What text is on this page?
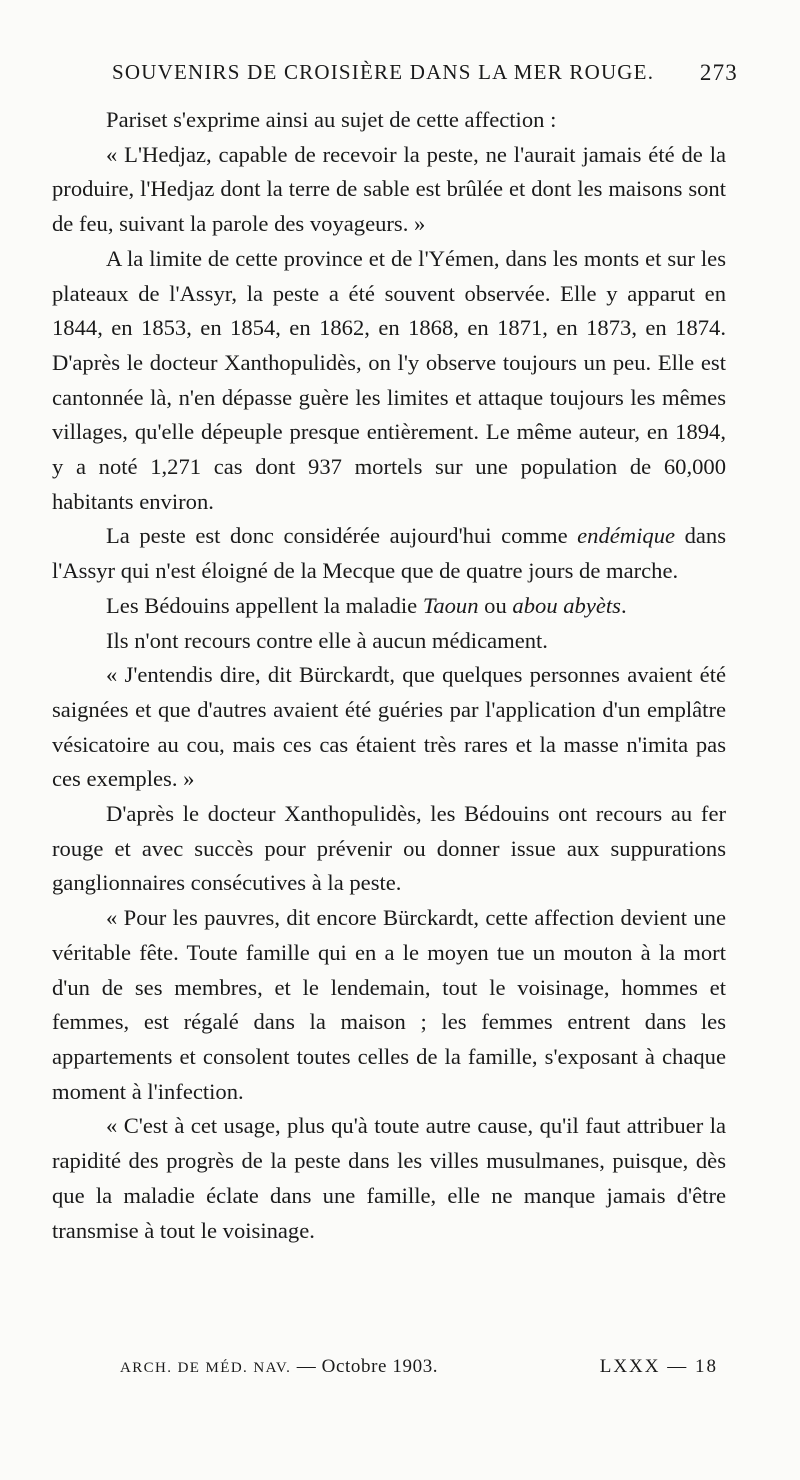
SOUVENIRS DE CROISIÈRE DANS LA MER ROUGE. 273

Pariset s'exprime ainsi au sujet de cette affection :

« L'Hedjaz, capable de recevoir la peste, ne l'aurait jamais été de la produire, l'Hedjaz dont la terre de sable est brûlée et dont les maisons sont de feu, suivant la parole des voyageurs. »

A la limite de cette province et de l'Yémen, dans les monts et sur les plateaux de l'Assyr, la peste a été souvent observée. Elle y apparut en 1844, en 1853, en 1854, en 1862, en 1868, en 1871, en 1873, en 1874. D'après le docteur Xanthopulidès, on l'y observe toujours un peu. Elle est cantonnée là, n'en dépasse guère les limites et attaque toujours les mêmes villages, qu'elle dépeuple presque entièrement. Le même auteur, en 1894, y a noté 1,271 cas dont 937 mortels sur une population de 60,000 habitants environ.

La peste est donc considérée aujourd'hui comme endémique dans l'Assyr qui n'est éloigné de la Mecque que de quatre jours de marche.

Les Bédouins appellent la maladie Taoun ou abou abyèts.

Ils n'ont recours contre elle à aucun médicament.

« J'entendis dire, dit Bürckardt, que quelques personnes avaient été saignées et que d'autres avaient été guéries par l'application d'un emplâtre vésicatoire au cou, mais ces cas étaient très rares et la masse n'imita pas ces exemples. »

D'après le docteur Xanthopulidès, les Bédouins ont recours au fer rouge et avec succès pour prévenir ou donner issue aux suppurations ganglionnaires consécutives à la peste.

« Pour les pauvres, dit encore Bürckardt, cette affection devient une véritable fête. Toute famille qui en a le moyen tue un mouton à la mort d'un de ses membres, et le lendemain, tout le voisinage, hommes et femmes, est régalé dans la maison ; les femmes entrent dans les appartements et consolent toutes celles de la famille, s'exposant à chaque moment à l'infection.

« C'est à cet usage, plus qu'à toute autre cause, qu'il faut attribuer la rapidité des progrès de la peste dans les villes musulmanes, puisque, dès que la maladie éclate dans une famille, elle ne manque jamais d'être transmise à tout le voisinage.

ARCH. DE MÉD. NAV. — Octobre 1903.	LXXX — 18
